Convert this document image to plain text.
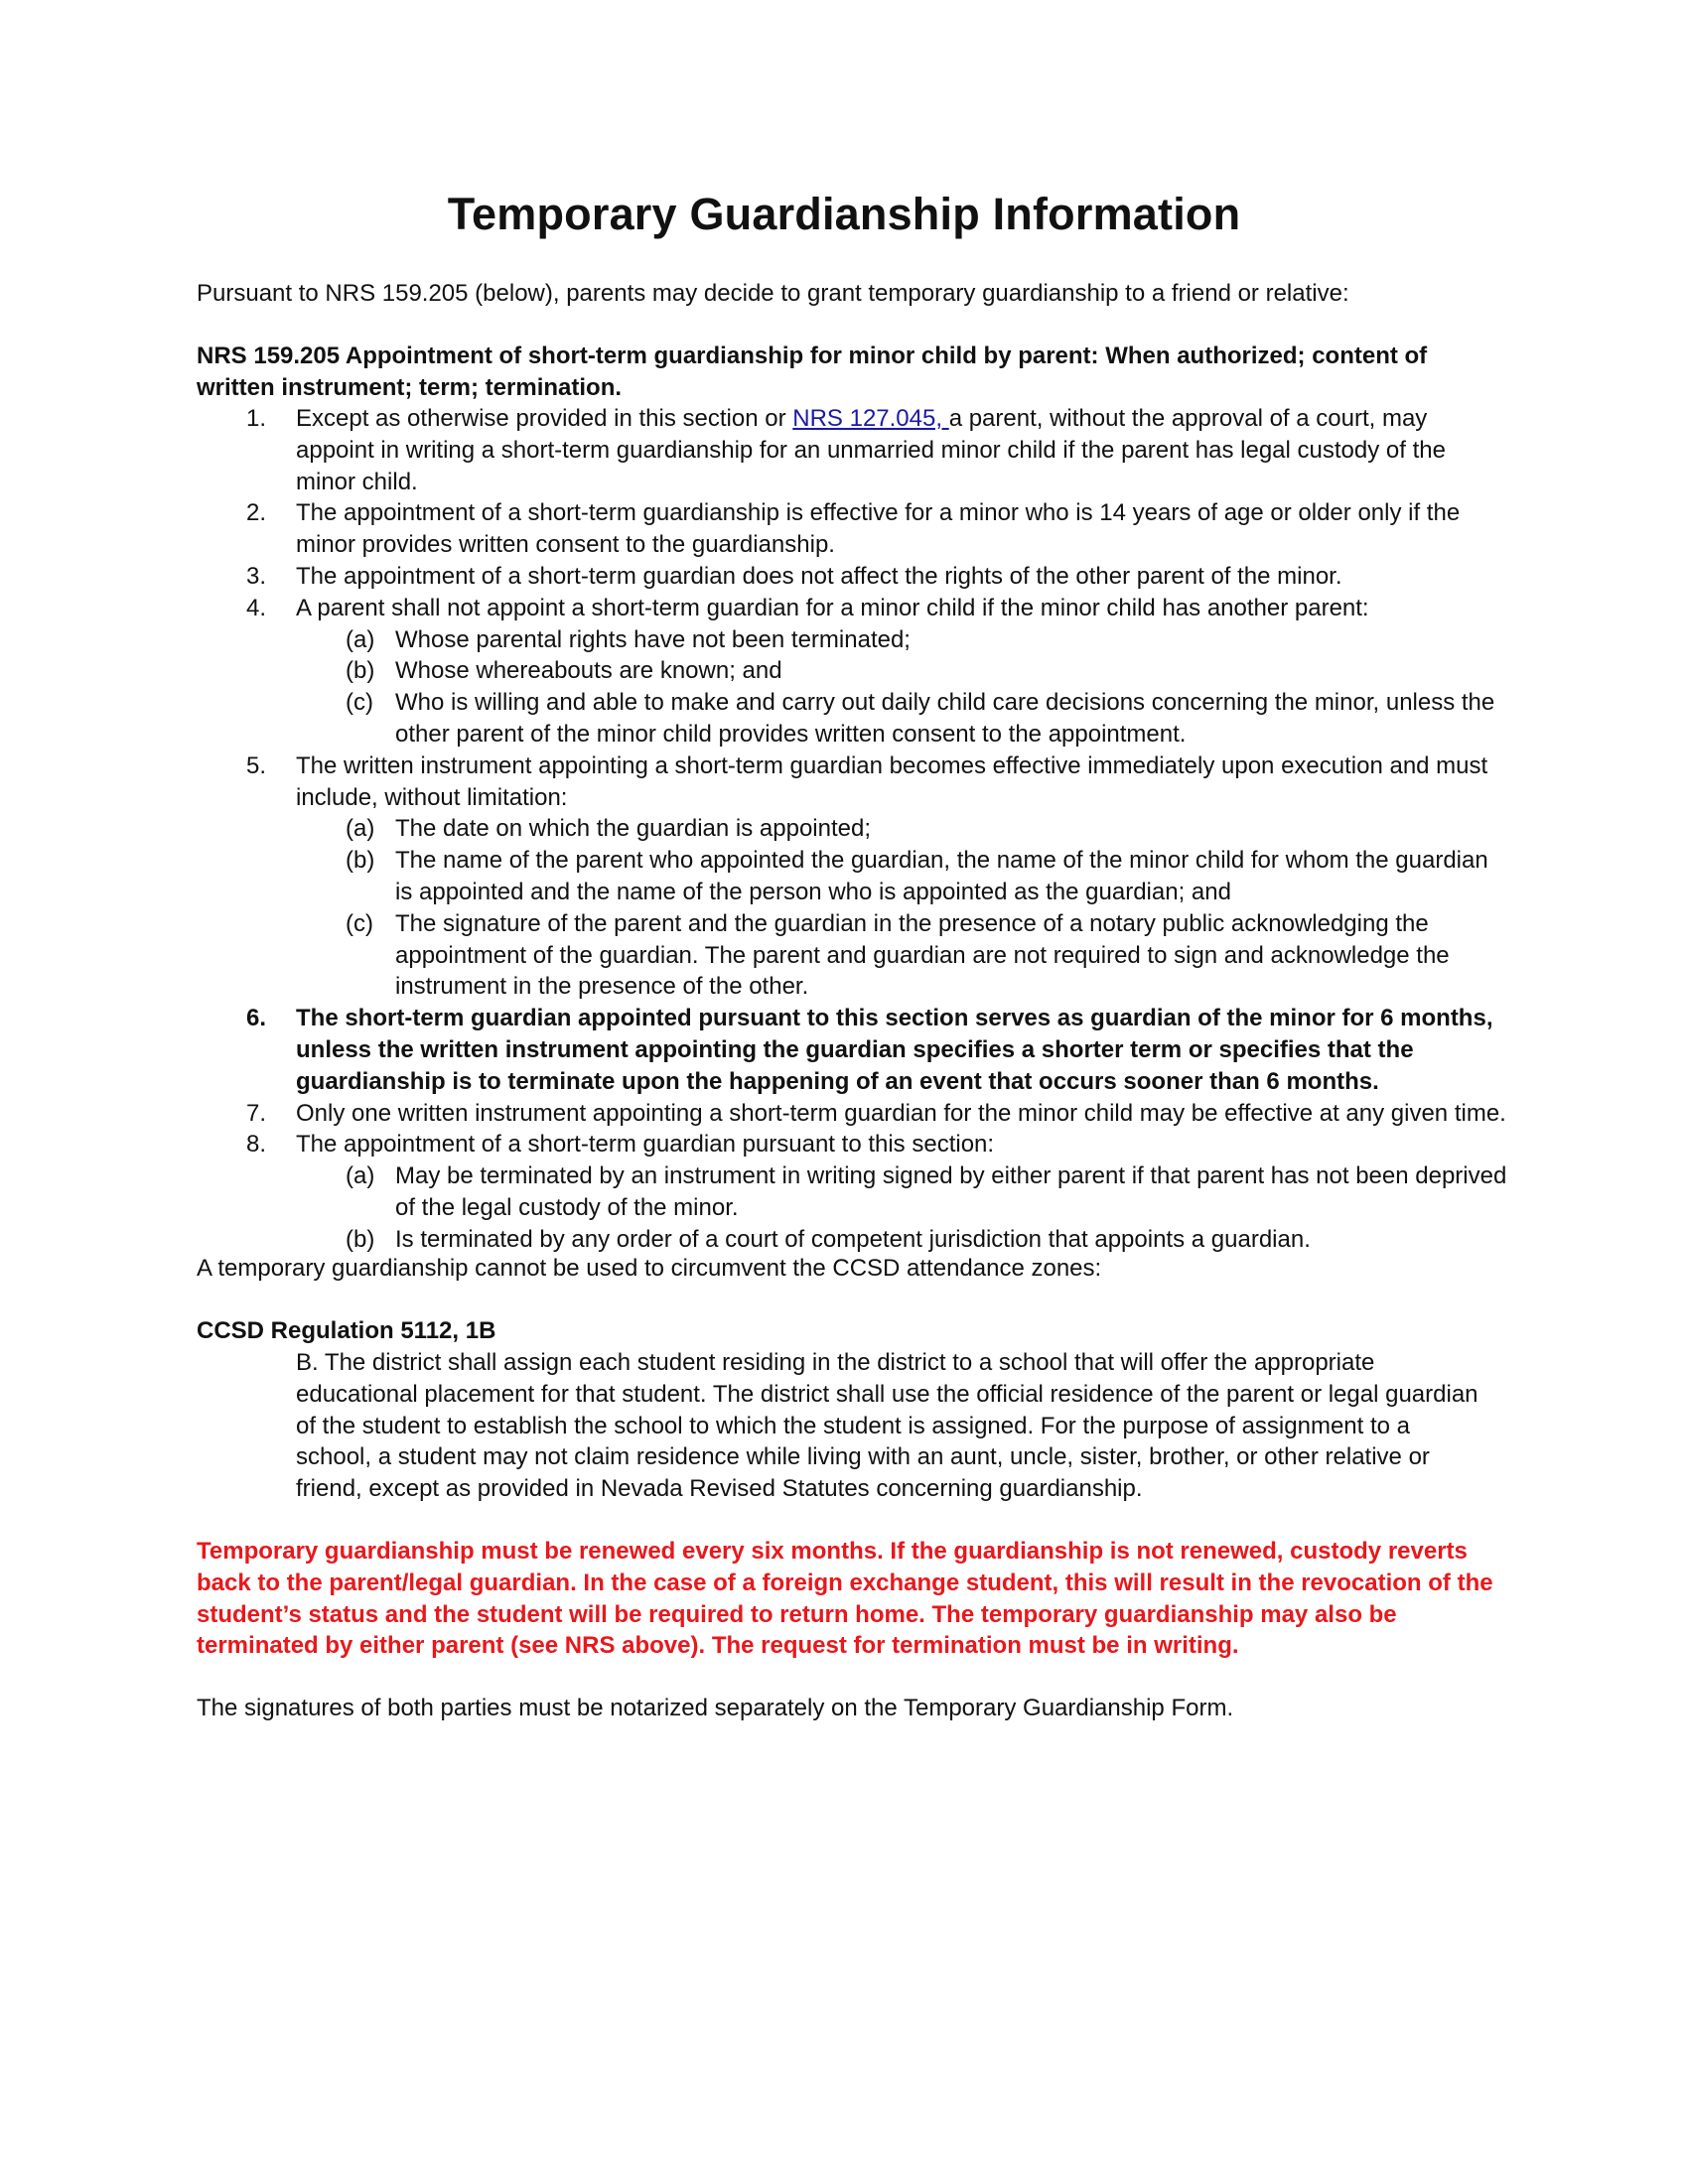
Temporary Guardianship Information

Pursuant to NRS 159.205 (below), parents may decide to grant temporary guardianship to a friend or relative:

NRS 159.205 Appointment of short-term guardianship for minor child by parent: When authorized; content of written instrument; term; termination.

1. Except as otherwise provided in this section or NRS 127.045, a parent, without the approval of a court, may appoint in writing a short-term guardianship for an unmarried minor child if the parent has legal custody of the minor child.
2. The appointment of a short-term guardianship is effective for a minor who is 14 years of age or older only if the minor provides written consent to the guardianship.
3. The appointment of a short-term guardian does not affect the rights of the other parent of the minor.
4. A parent shall not appoint a short-term guardian for a minor child if the minor child has another parent:
(a) Whose parental rights have not been terminated;
(b) Whose whereabouts are known; and
(c) Who is willing and able to make and carry out daily child care decisions concerning the minor, unless the other parent of the minor child provides written consent to the appointment.
5. The written instrument appointing a short-term guardian becomes effective immediately upon execution and must include, without limitation:
(a) The date on which the guardian is appointed;
(b) The name of the parent who appointed the guardian, the name of the minor child for whom the guardian is appointed and the name of the person who is appointed as the guardian; and
(c) The signature of the parent and the guardian in the presence of a notary public acknowledging the appointment of the guardian. The parent and guardian are not required to sign and acknowledge the instrument in the presence of the other.
6. The short-term guardian appointed pursuant to this section serves as guardian of the minor for 6 months, unless the written instrument appointing the guardian specifies a shorter term or specifies that the guardianship is to terminate upon the happening of an event that occurs sooner than 6 months.
7. Only one written instrument appointing a short-term guardian for the minor child may be effective at any given time.
8. The appointment of a short-term guardian pursuant to this section:
(a) May be terminated by an instrument in writing signed by either parent if that parent has not been deprived of the legal custody of the minor.
(b) Is terminated by any order of a court of competent jurisdiction that appoints a guardian.

A temporary guardianship cannot be used to circumvent the CCSD attendance zones:

CCSD Regulation 5112, 1B

B. The district shall assign each student residing in the district to a school that will offer the appropriate educational placement for that student. The district shall use the official residence of the parent or legal guardian of the student to establish the school to which the student is assigned. For the purpose of assignment to a school, a student may not claim residence while living with an aunt, uncle, sister, brother, or other relative or friend, except as provided in Nevada Revised Statutes concerning guardianship.

Temporary guardianship must be renewed every six months. If the guardianship is not renewed, custody reverts back to the parent/legal guardian. In the case of a foreign exchange student, this will result in the revocation of the student’s status and the student will be required to return home. The temporary guardianship may also be terminated by either parent (see NRS above). The request for termination must be in writing.

The signatures of both parties must be notarized separately on the Temporary Guardianship Form.
